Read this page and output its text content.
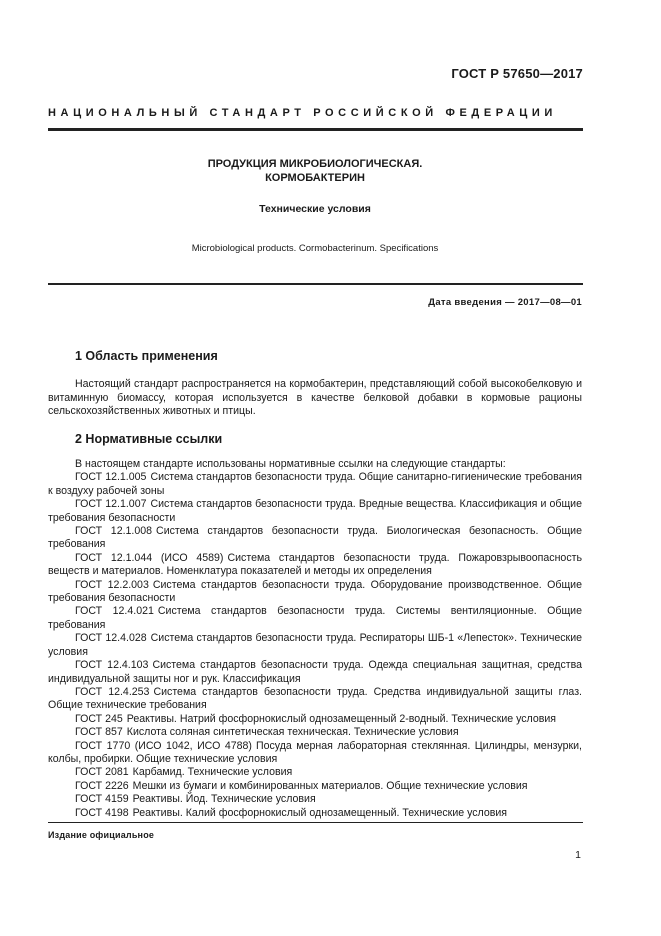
ГОСТ Р 57650—2017
НАЦИОНАЛЬНЫЙ СТАНДАРТ РОССИЙСКОЙ ФЕДЕРАЦИИ
ПРОДУКЦИЯ МИКРОБИОЛОГИЧЕСКАЯ.
КОРМОБАКТЕРИН
Технические условия
Microbiological products. Cormobacterinum. Specifications
Дата введения — 2017—08—01
1 Область применения
Настоящий стандарт распространяется на кормобактерин, представляющий собой высокобелковую и витаминную биомассу, которая используется в качестве белковой добавки в кормовые рационы сельскохозяйственных животных и птицы.
2 Нормативные ссылки

В настоящем стандарте использованы нормативные ссылки на следующие стандарты:

ГОСТ 12.1.005 Система стандартов безопасности труда. Общие санитарно-гигиенические требования к воздуху рабочей зоны

ГОСТ 12.1.007 Система стандартов безопасности труда. Вредные вещества. Классификация и общие требования безопасности

ГОСТ 12.1.008 Система стандартов безопасности труда. Биологическая безопасность. Общие требования

ГОСТ 12.1.044 (ИСО 4589) Система стандартов безопасности труда. Пожаровзрывоопасность веществ и материалов. Номенклатура показателей и методы их определения

ГОСТ 12.2.003 Система стандартов безопасности труда. Оборудование производственное. Общие требования безопасности

ГОСТ 12.4.021 Система стандартов безопасности труда. Системы вентиляционные. Общие требования

ГОСТ 12.4.028 Система стандартов безопасности труда. Респираторы ШБ-1 «Лепесток». Технические условия

ГОСТ 12.4.103 Система стандартов безопасности труда. Одежда специальная защитная, средства индивидуальной защиты ног и рук. Классификация

ГОСТ 12.4.253 Система стандартов безопасности труда. Средства индивидуальной защиты глаз. Общие технические требования

ГОСТ 245 Реактивы. Натрий фосфорнокислый однозамещенный 2-водный. Технические условия

ГОСТ 857 Кислота соляная синтетическая техническая. Технические условия

ГОСТ 1770 (ИСО 1042, ИСО 4788) Посуда мерная лабораторная стеклянная. Цилиндры, мензурки, колбы, пробирки. Общие технические условия

ГОСТ 2081 Карбамид. Технические условия

ГОСТ 2226 Мешки из бумаги и комбинированных материалов. Общие технические условия

ГОСТ 4159 Реактивы. Йод. Технические условия

ГОСТ 4198 Реактивы. Калий фосфорнокислый однозамещенный. Технические условия

Издание официальное
1
